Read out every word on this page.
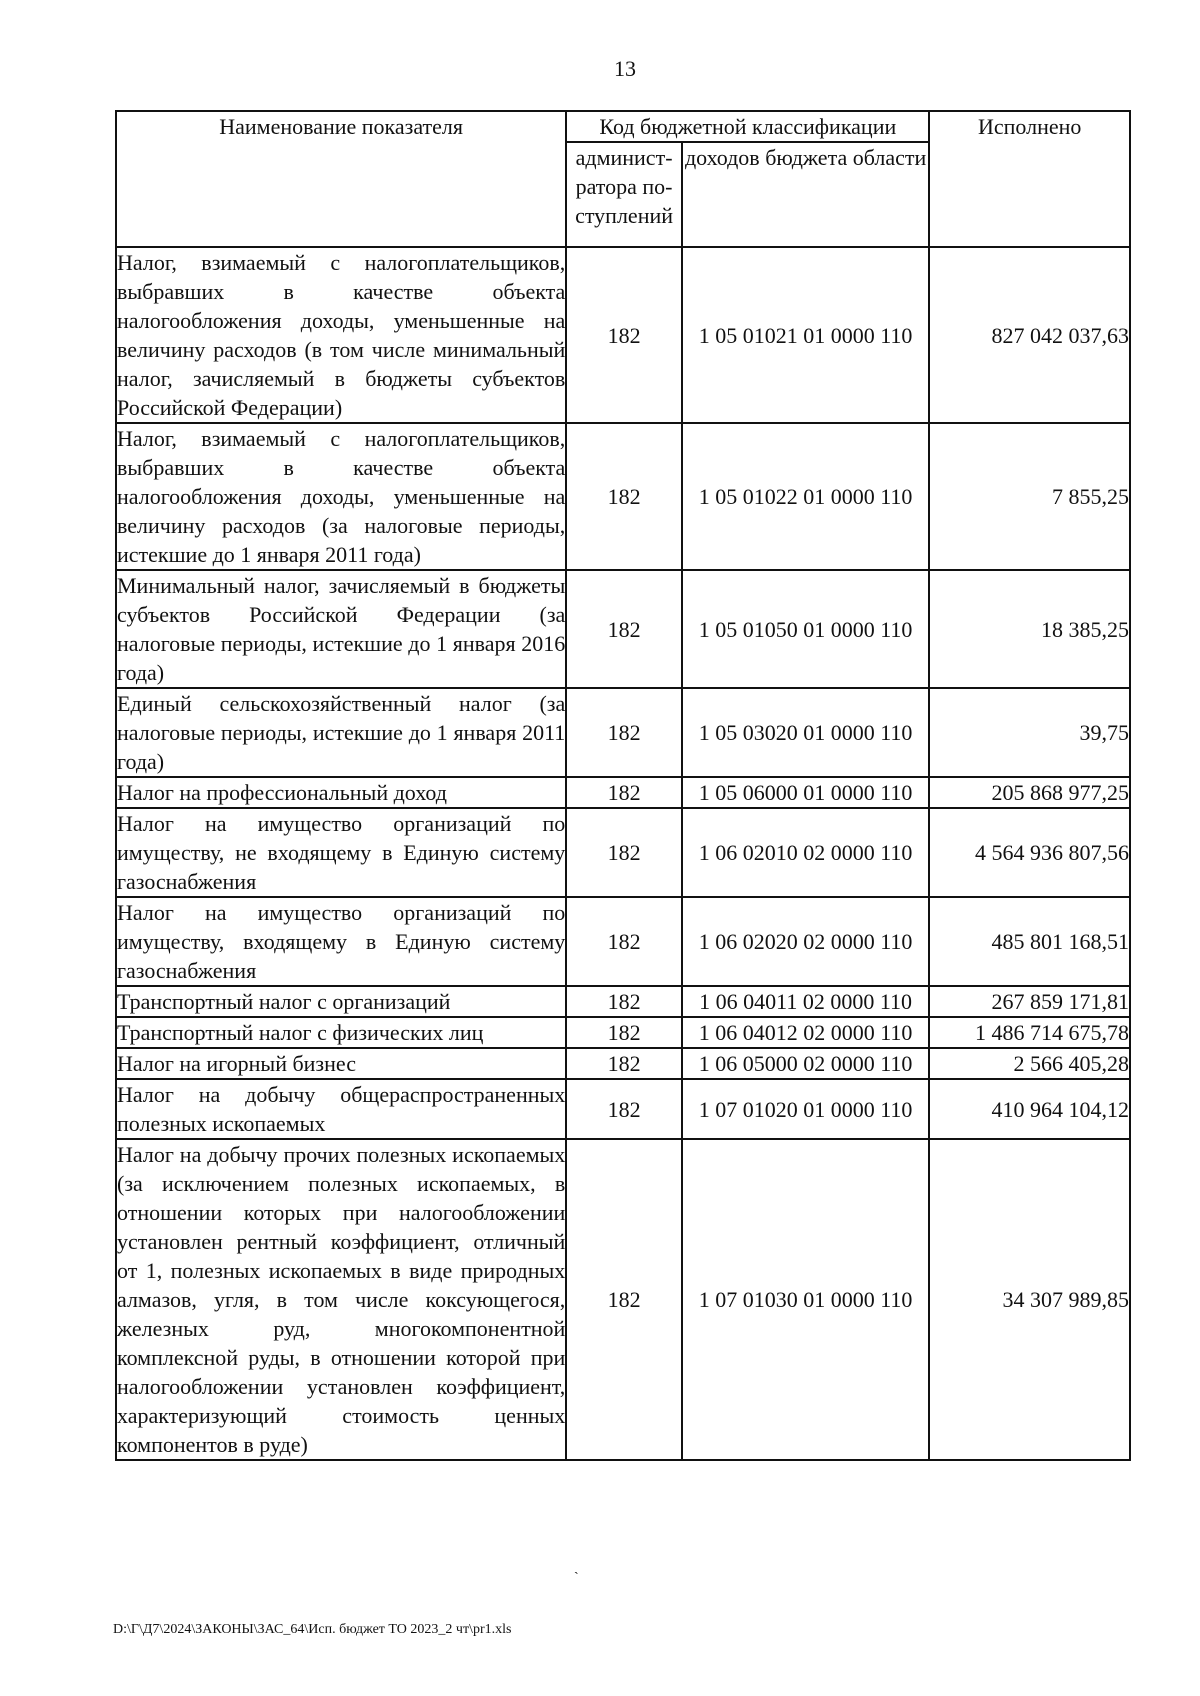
13
Наименование показателя	Код бюджетной классификации		Исполнено
	админист-ратора по-ступлений	доходов бюджета области	
Налог, взимаемый с налогоплательщиков, выбравших в качестве объекта налогообложения доходы, уменьшенные на величину расходов (в том числе минимальный налог, зачисляемый в бюджеты субъектов Российской Федерации)	182	1 05 01021 01 0000 110	827 042 037,63
Налог, взимаемый с налогоплательщиков, выбравших в качестве объекта налогообложения доходы, уменьшенные на величину расходов (за налоговые периоды, истекшие до 1 января 2011 года)	182	1 05 01022 01 0000 110	7 855,25
Минимальный налог, зачисляемый в бюджеты субъектов Российской Федерации (за налоговые периоды, истекшие до 1 января 2016 года)	182	1 05 01050 01 0000 110	18 385,25
Единый сельскохозяйственный налог (за налоговые периоды, истекшие до 1 января 2011 года)	182	1 05 03020 01 0000 110	39,75
Налог на профессиональный доход	182	1 05 06000 01 0000 110	205 868 977,25
Налог на имущество организаций по имуществу, не входящему в Единую систему газоснабжения	182	1 06 02010 02 0000 110	4 564 936 807,56
Налог на имущество организаций по имуществу, входящему в Единую систему газоснабжения	182	1 06 02020 02 0000 110	485 801 168,51
Транспортный налог с организаций	182	1 06 04011 02 0000 110	267 859 171,81
Транспортный налог с физических лиц	182	1 06 04012 02 0000 110	1 486 714 675,78
Налог на игорный бизнес	182	1 06 05000 02 0000 110	2 566 405,28
Налог на добычу общераспространенных полезных ископаемых	182	1 07 01020 01 0000 110	410 964 104,12
Налог на добычу прочих полезных ископаемых (за исключением полезных ископаемых, в отношении которых при налогообложении установлен рентный коэффициент, отличный от 1, полезных ископаемых в виде природных алмазов, угля, в том числе коксующегося, железных руд, многокомпонентной комплексной руды, в отношении которой при налогообложении установлен коэффициент, характеризующий стоимость ценных компонентов в руде)	182	1 07 01030 01 0000 110	34 307 989,85
ˎ
D:\Г\Д7\2024\ЗАКОНЫ\ЗАС_64\Исп. бюджет ТО 2023_2 чт\pr1.xls
